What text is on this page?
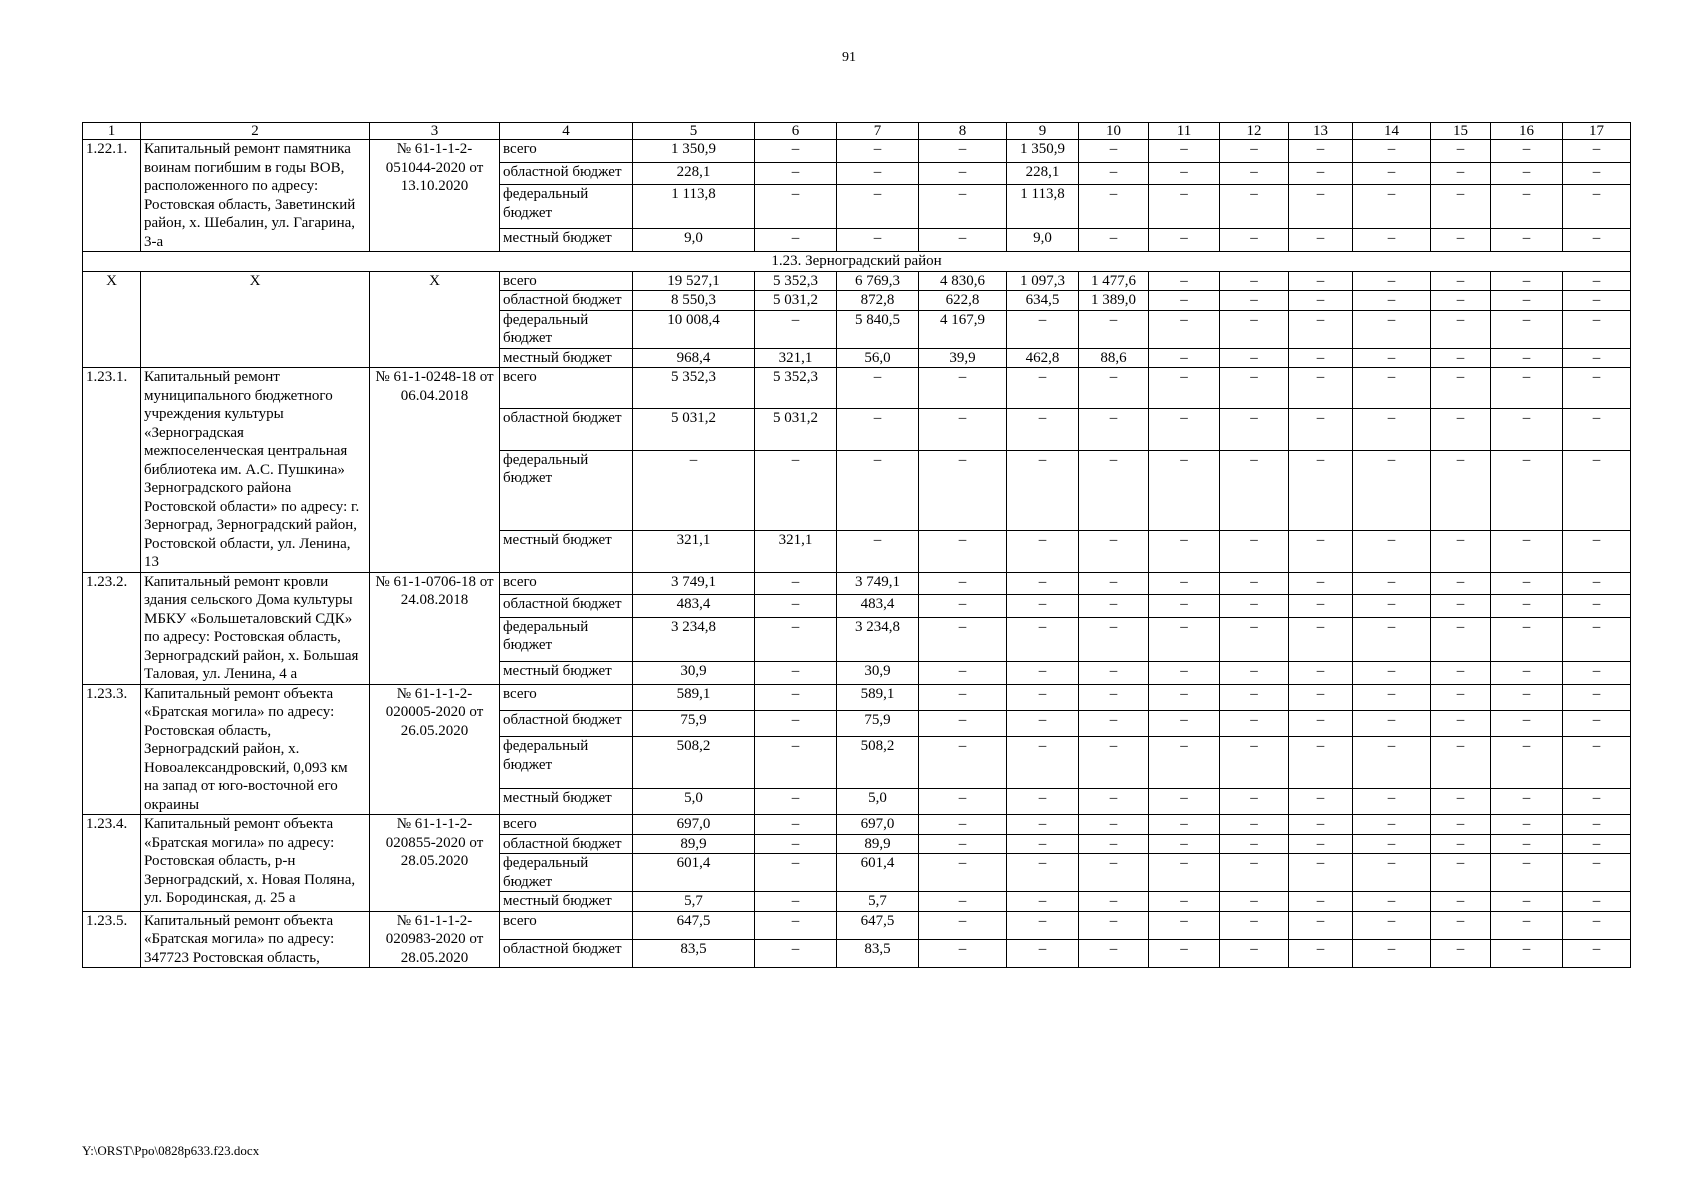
91
1	2	3	4	5	6	7	8	9	10	11	12	13	14	15	16	17
1.22.1.	Капитальный ремонт памятника воинам погибшим в годы ВОВ, расположенного по адресу: Ростовская область, Заветинский район, х. Шебалин, ул. Гагарина, 3-а	№ 61-1-1-2-051044-2020 от 13.10.2020	всего	1 350,9	–	–	–	1 350,9	–	–	–	–	–	–	–	–
			областной бюджет	228,1	–	–	–	228,1	–	–	–	–	–	–	–	–
			федеральный бюджет	1 113,8	–	–	–	1 113,8	–	–	–	–	–	–	–	–
			местный бюджет	9,0	–	–	–	9,0	–	–	–	–	–	–	–	–
1.23. Зерноградский район																
Х	Х	Х	всего	19 527,1	5 352,3	6 769,3	4 830,6	1 097,3	1 477,6	–	–	–	–	–	–	–
			областной бюджет	8 550,3	5 031,2	872,8	622,8	634,5	1 389,0	–	–	–	–	–	–	–
			федеральный бюджет	10 008,4	–	5 840,5	4 167,9	–	–	–	–	–	–	–	–	–
			местный бюджет	968,4	321,1	56,0	39,9	462,8	88,6	–	–	–	–	–	–	–
1.23.1.	Капитальный ремонт муниципального бюджетного учреждения культуры «Зерноградская межпоселенческая центральная библиотека им. А.С. Пушкина» Зерноградского района Ростовской области» по адресу: г. Зерноград, Зерноградский район, Ростовской области, ул. Ленина, 13	№ 61-1-0248-18 от 06.04.2018	всего	5 352,3	5 352,3	–	–	–	–	–	–	–	–	–	–	–
			областной бюджет	5 031,2	5 031,2	–	–	–	–	–	–	–	–	–	–	–
			федеральный бюджет	–	–	–	–	–	–	–	–	–	–	–	–	–
			местный бюджет	321,1	321,1	–	–	–	–	–	–	–	–	–	–	–
1.23.2.	Капитальный ремонт кровли здания сельского Дома культуры МБКУ «Большеталовский СДК» по адресу: Ростовская область, Зерноградский район, х. Большая Таловая, ул. Ленина, 4 а	№ 61-1-0706-18 от 24.08.2018	всего	3 749,1	–	3 749,1	–	–	–	–	–	–	–	–	–	–
			областной бюджет	483,4	–	483,4	–	–	–	–	–	–	–	–	–	–
			федеральный бюджет	3 234,8	–	3 234,8	–	–	–	–	–	–	–	–	–	–
			местный бюджет	30,9	–	30,9	–	–	–	–	–	–	–	–	–	–
1.23.3.	Капитальный ремонт объекта «Братская могила» по адресу: Ростовская область, Зерноградский район, х. Новоалександровский, 0,093 км на запад от юго-восточной его окраины	№ 61-1-1-2-020005-2020 от 26.05.2020	всего	589,1	–	589,1	–	–	–	–	–	–	–	–	–	–
			областной бюджет	75,9	–	75,9	–	–	–	–	–	–	–	–	–	–
			федеральный бюджет	508,2	–	508,2	–	–	–	–	–	–	–	–	–	–
			местный бюджет	5,0	–	5,0	–	–	–	–	–	–	–	–	–	–
1.23.4.	Капитальный ремонт объекта «Братская могила» по адресу: Ростовская область, р-н Зерноградский, х. Новая Поляна, ул. Бородинская, д. 25 а	№ 61-1-1-2-020855-2020 от 28.05.2020	всего	697,0	–	697,0	–	–	–	–	–	–	–	–	–	–
			областной бюджет	89,9	–	89,9	–	–	–	–	–	–	–	–	–	–
			федеральный бюджет	601,4	–	601,4	–	–	–	–	–	–	–	–	–	–
			местный бюджет	5,7	–	5,7	–	–	–	–	–	–	–	–	–	–
1.23.5.	Капитальный ремонт объекта «Братская могила» по адресу: 347723 Ростовская область,	№ 61-1-1-2-020983-2020 от 28.05.2020	всего	647,5	–	647,5	–	–	–	–	–	–	–	–	–	–
			областной бюджет	83,5	–	83,5	–	–	–	–	–	–	–	–	–	–
Y:\ORST\Ppo\0828p633.f23.docx
